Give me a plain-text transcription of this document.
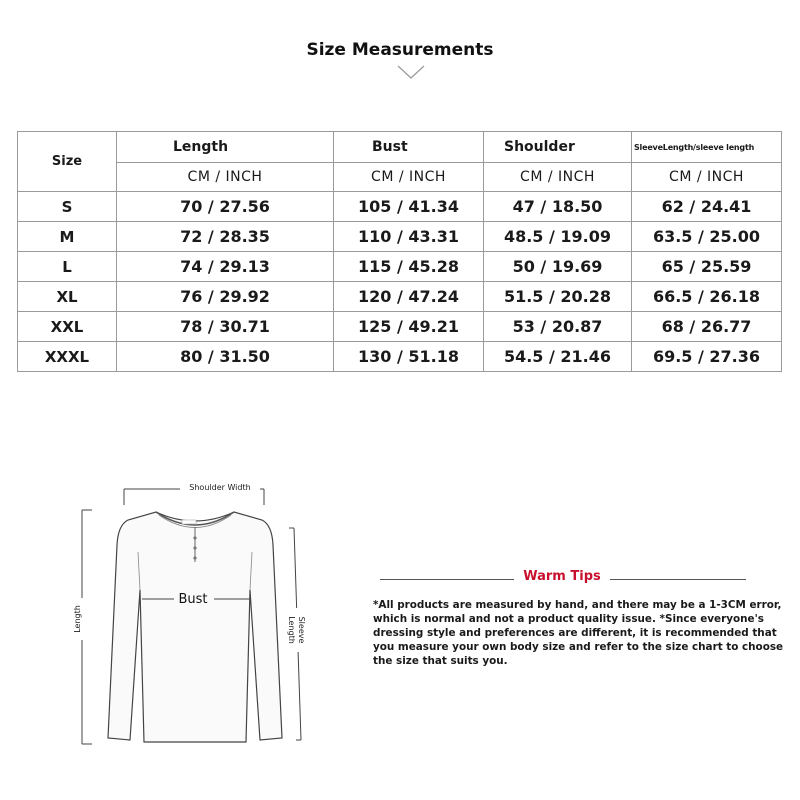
Size Measurements
Size	Length	Bust	Shoulder	SleeveLength/sleeve length
	CM / INCH	CM / INCH	CM / INCH	CM / INCH
S	70 / 27.56	105 / 41.34	47 / 18.50	62 / 24.41
M	72 / 28.35	110 / 43.31	48.5 / 19.09	63.5 / 25.00
L	74 / 29.13	115 / 45.28	50 / 19.69	65 / 25.59
XL	76 / 29.92	120 / 47.24	51.5 / 20.28	66.5 / 26.18
XXL	78 / 30.71	125 / 49.21	53 / 20.87	68 / 26.77
XXXL	80 / 31.50	130 / 51.18	54.5 / 21.46	69.5 / 27.36
Shoulder Width
Bust
Length	Sleeve
Length
Warm Tips
*All products are measured by hand, and there may be a 1-3CM error, which is normal and not a product quality issue. *Since everyone's dressing style and preferences are different, it is recommended that you measure your own body size and refer to the size chart to choose the size that suits you.
